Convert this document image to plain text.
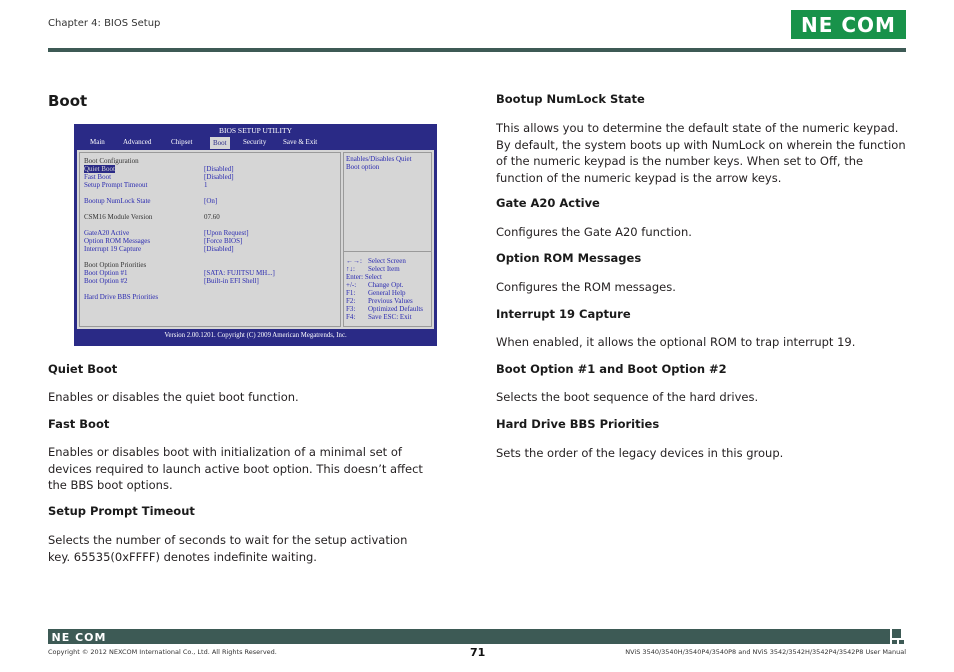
Chapter 4: BIOS Setup	NE COM
Boot
BIOS SETUP UTILITY
Main	Advanced	Chipset	Boot	Security Save & Exit
Boot Configuration
Quiet Boot	[Disabled]
Fast Boot	[Disabled]
Setup Prompt Timeout	1
Bootup NumLock State	[On]
CSM16 Module Version	07.60
GateA20 Active	[Upon Request]
Option ROM Messages	[Force BIOS]
Interrupt 19 Capture	[Disabled]
Boot Option Priorities
Boot Option #1	[SATA: FUJITSU MH...]
Boot Option #2	[Built-in EFI Shell]
Hard Drive BBS Priorities
Enables/Disables Quiet
Boot option
←→: Select Screen
↑↓: Select Item
Enter: Select
+/-: Change Opt.
F1: General Help
F2: Previous Values
F3: Optimized Defaults
F4: Save ESC: Exit
Version 2.00.1201. Copyright (C) 2009 American Megatrends, Inc.
Quiet Boot
Enables or disables the quiet boot function.
Fast Boot
Enables or disables boot with initialization of a minimal set of devices required to launch active boot option. This doesn’t affect the BBS boot options.
Setup Prompt Timeout
Selects the number of seconds to wait for the setup activation key. 65535(0xFFFF) denotes indefinite waiting.
Bootup NumLock State
This allows you to determine the default state of the numeric keypad. By default, the system boots up with NumLock on wherein the function of the numeric keypad is the number keys. When set to Off, the function of the numeric keypad is the arrow keys.
Gate A20 Active
Configures the Gate A20 function.
Option ROM Messages
Configures the ROM messages.
Interrupt 19 Capture
When enabled, it allows the optional ROM to trap interrupt 19.
Boot Option #1 and Boot Option #2
Selects the boot sequence of the hard drives.
Hard Drive BBS Priorities
Sets the order of the legacy devices in this group.
NE COM
Copyright © 2012 NEXCOM International Co., Ltd. All Rights Reserved.	71	NViS 3540/3540H/3540P4/3540P8 and NViS 3542/3542H/3542P4/3542P8 User Manual
